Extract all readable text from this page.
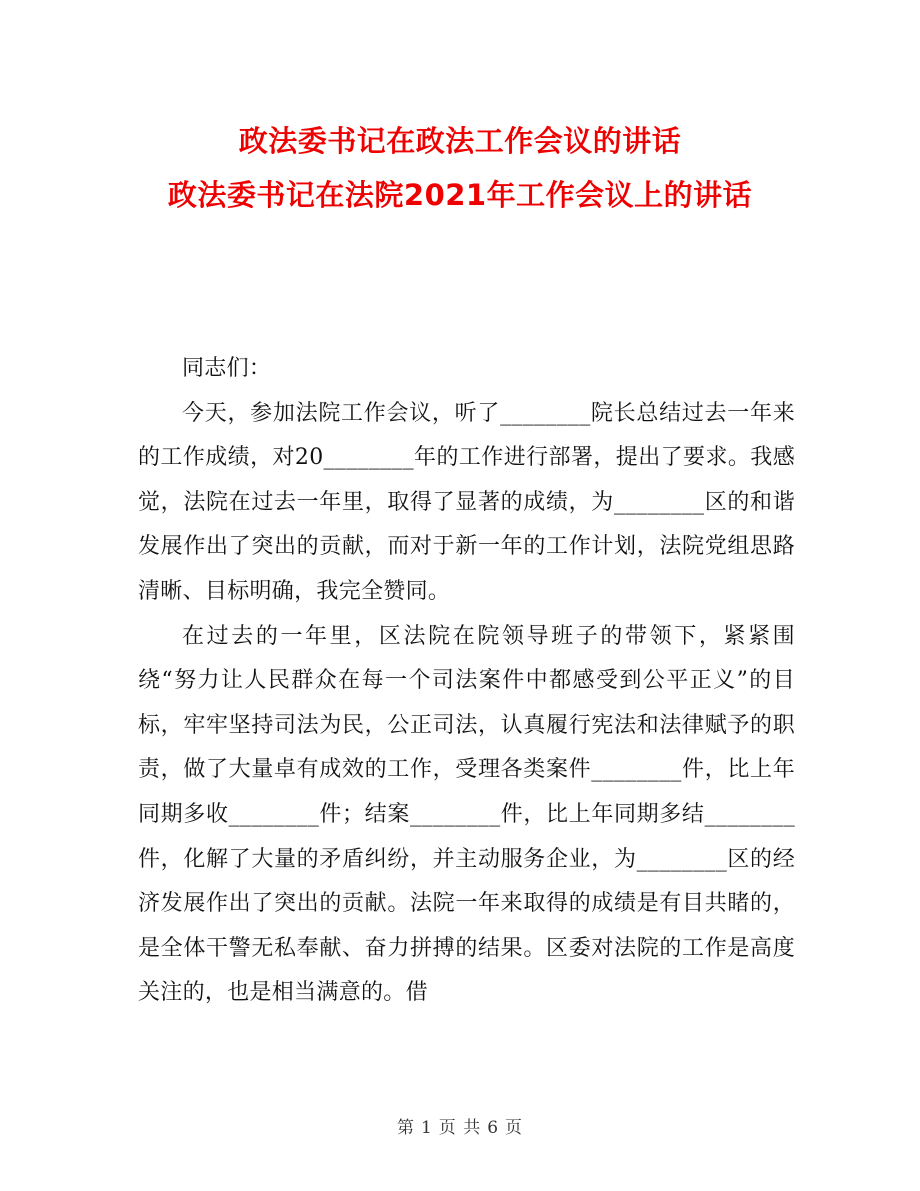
政法委书记在政法工作会议的讲话
政法委书记在法院2021年工作会议上的讲话

同志们：

今天，参加法院工作会议，听了________院长总结过去一年来的工作成绩，对20________年的工作进行部署，提出了要求。我感觉，法院在过去一年里，取得了显著的成绩，为________区的和谐发展作出了突出的贡献，而对于新一年的工作计划，法院党组思路清晰、目标明确，我完全赞同。

在过去的一年里，区法院在院领导班子的带领下，紧紧围绕“努力让人民群众在每一个司法案件中都感受到公平正义”的目标，牢牢坚持司法为民，公正司法，认真履行宪法和法律赋予的职责，做了大量卓有成效的工作，受理各类案件________件，比上年同期多收________件；结案________件，比上年同期多结________件，化解了大量的矛盾纠纷，并主动服务企业，为________区的经济发展作出了突出的贡献。法院一年来取得的成绩是有目共睹的，是全体干警无私奉献、奋力拼搏的结果。区委对法院的工作是高度关注的，也是相当满意的。借

第 1 页 共 6 页
